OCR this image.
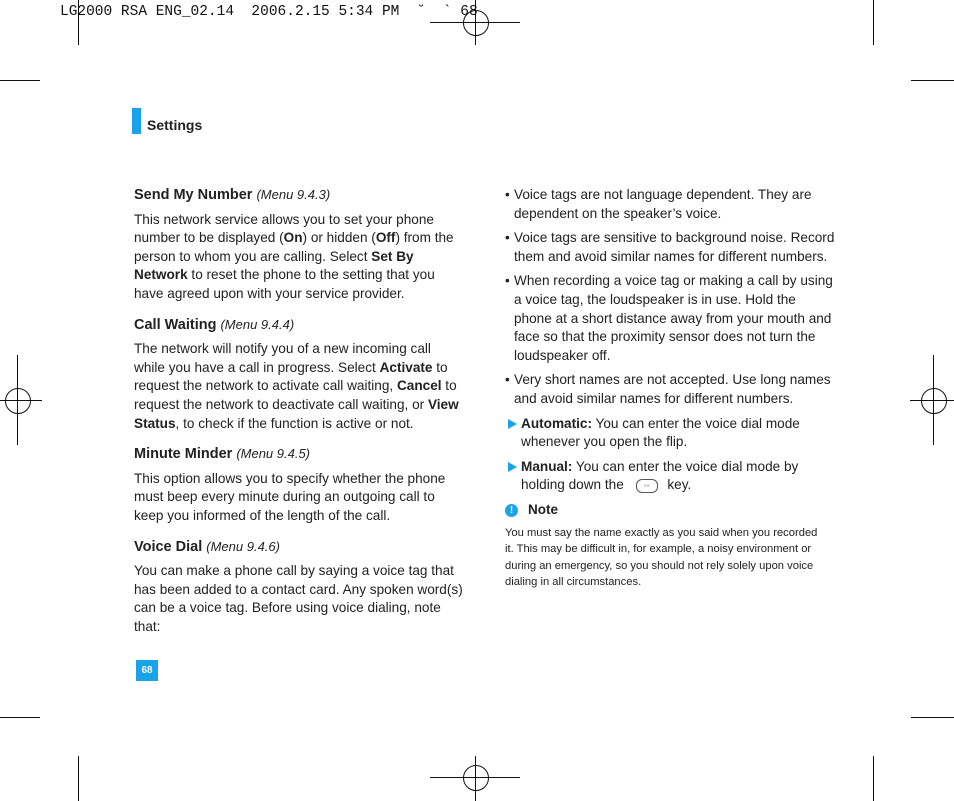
LG2000 RSA ENG_02.14  2006.2.15 5:34 PM  ˘  ` 68
Settings
Send My Number (Menu 9.4.3)

This network service allows you to set your phone number to be displayed (On) or hidden (Off) from the person to whom you are calling. Select Set By Network to reset the phone to the setting that you have agreed upon with your service provider.

Call Waiting (Menu 9.4.4)

The network will notify you of a new incoming call while you have a call in progress. Select Activate to request the network to activate call waiting, Cancel to request the network to deactivate call waiting, or View Status, to check if the function is active or not.

Minute Minder (Menu 9.4.5)

This option allows you to specify whether the phone must beep every minute during an outgoing call to keep you informed of the length of the call.

Voice Dial (Menu 9.4.6)

You can make a phone call by saying a voice tag that has been added to a contact card. Any spoken word(s) can be a voice tag. Before using voice dialing, note that:

• Voice tags are not language dependent. They are dependent on the speaker’s voice.
• Voice tags are sensitive to background noise. Record them and avoid similar names for different numbers.
• When recording a voice tag or making a call by using a voice tag, the loudspeaker is in use. Hold the phone at a short distance away from your mouth and face so that the proximity sensor does not turn the loudspeaker off.
• Very short names are not accepted. Use long names and avoid similar names for different numbers.
Automatic: You can enter the voice dial mode whenever you open the flip.
Manual: You can enter the voice dial mode by holding down the ◦◦ key.
!	Note
You must say the name exactly as you said when you recorded it. This may be difficult in, for example, a noisy environment or during an emergency, so you should not rely solely upon voice dialing in all circumstances.
68
